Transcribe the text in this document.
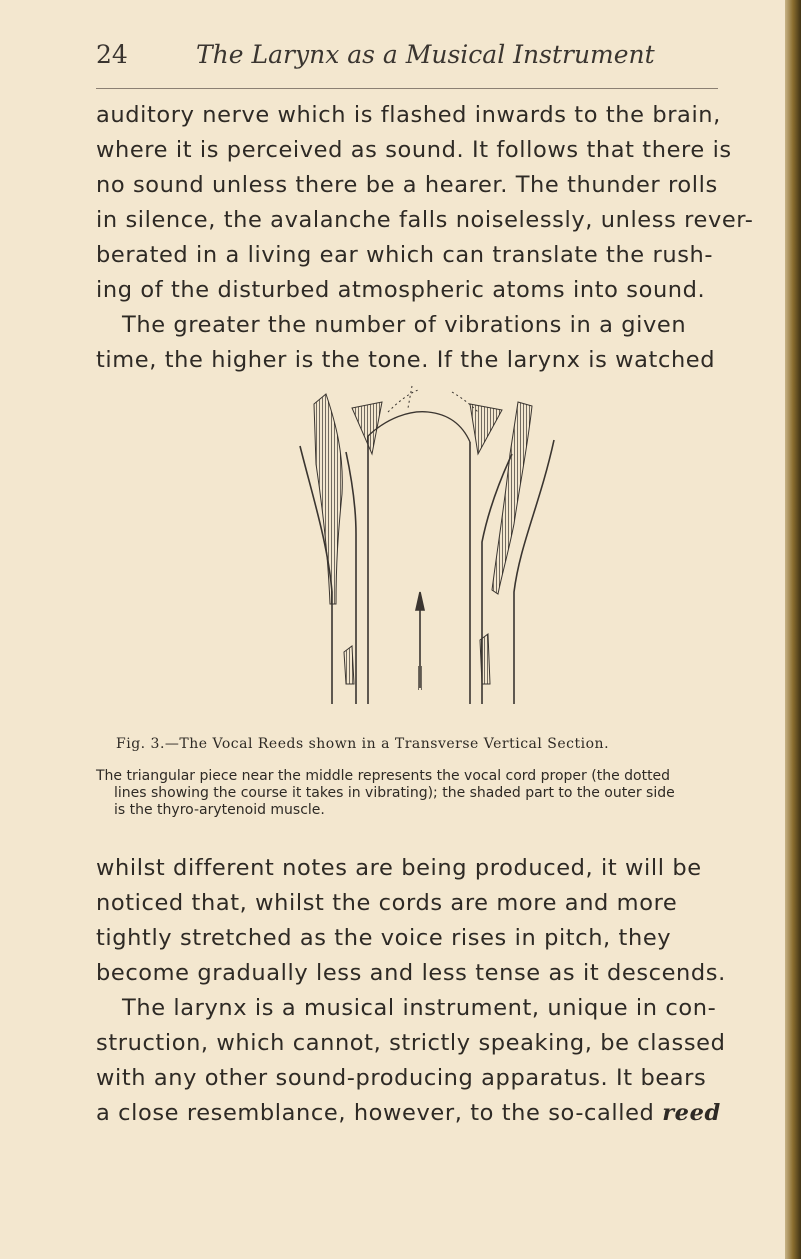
24	The Larynx as a Musical Instrument
auditory nerve which is flashed inwards to the brain,
where it is perceived as sound. It follows that there is
no sound unless there be a hearer. The thunder rolls
in silence, the avalanche falls noiselessly, unless rever-
berated in a living ear which can translate the rush-
ing of the disturbed atmospheric atoms into sound.
The greater the number of vibrations in a given
time, the higher is the tone. If the larynx is watched
Fig. 3.—The Vocal Reeds shown in a Transverse Vertical Section.
The triangular piece near the middle represents the vocal cord proper (the dotted
lines showing the course it takes in vibrating); the shaded part to the outer side
is the thyro-arytenoid muscle.
whilst different notes are being produced, it will be
noticed that, whilst the cords are more and more
tightly stretched as the voice rises in pitch, they
become gradually less and less tense as it descends.
The larynx is a musical instrument, unique in con-
struction, which cannot, strictly speaking, be classed
with any other sound-producing apparatus. It bears
a close resemblance, however, to the so-called reed
